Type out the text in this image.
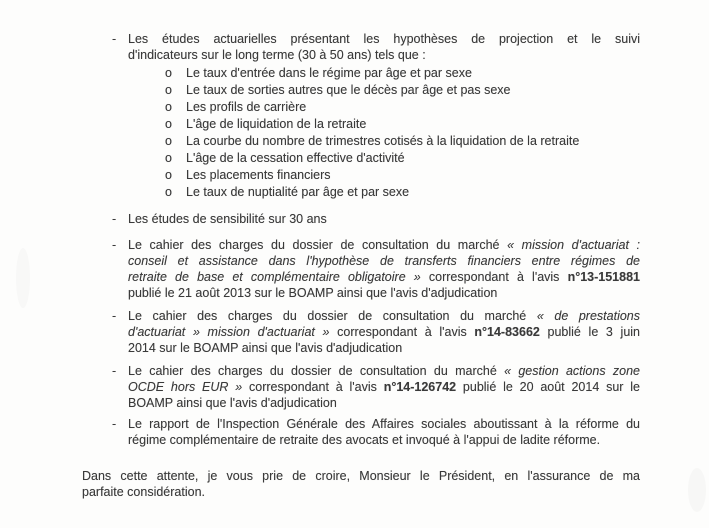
- Les études actuarielles présentant les hypothèses de projection et le suivi
d'indicateurs sur le long terme (30 à 50 ans) tels que :
o	Le taux d'entrée dans le régime par âge et par sexe
o	Le taux de sorties autres que le décès par âge et pas sexe
o	Les profils de carrière
o	L'âge de liquidation de la retraite
o	La courbe du nombre de trimestres cotisés à la liquidation de la retraite
o	L'âge de la cessation effective d'activité
o	Les placements financiers
o	Le taux de nuptialité par âge et par sexe
- Les études de sensibilité sur 30 ans
- Le cahier des charges du dossier de consultation du marché « mission d'actuariat :
conseil et assistance dans l'hypothèse de transferts financiers entre régimes de
retraite de base et complémentaire obligatoire » correspondant à l'avis n°13-151881
publié le 21 août 2013 sur le BOAMP ainsi que l'avis d'adjudication
- Le cahier des charges du dossier de consultation du marché « de prestations
d'actuariat » mission d'actuariat » correspondant à l'avis n°14-83662 publié le 3 juin
2014 sur le BOAMP ainsi que l'avis d'adjudication
- Le cahier des charges du dossier de consultation du marché « gestion actions zone
OCDE hors EUR » correspondant à l'avis n°14-126742 publié le 20 août 2014 sur le
BOAMP ainsi que l'avis d'adjudication
- Le rapport de l'Inspection Générale des Affaires sociales aboutissant à la réforme du
régime complémentaire de retraite des avocats et invoqué à l'appui de ladite réforme.
Dans cette attente, je vous prie de croire, Monsieur le Président, en l'assurance de ma
parfaite considération.
